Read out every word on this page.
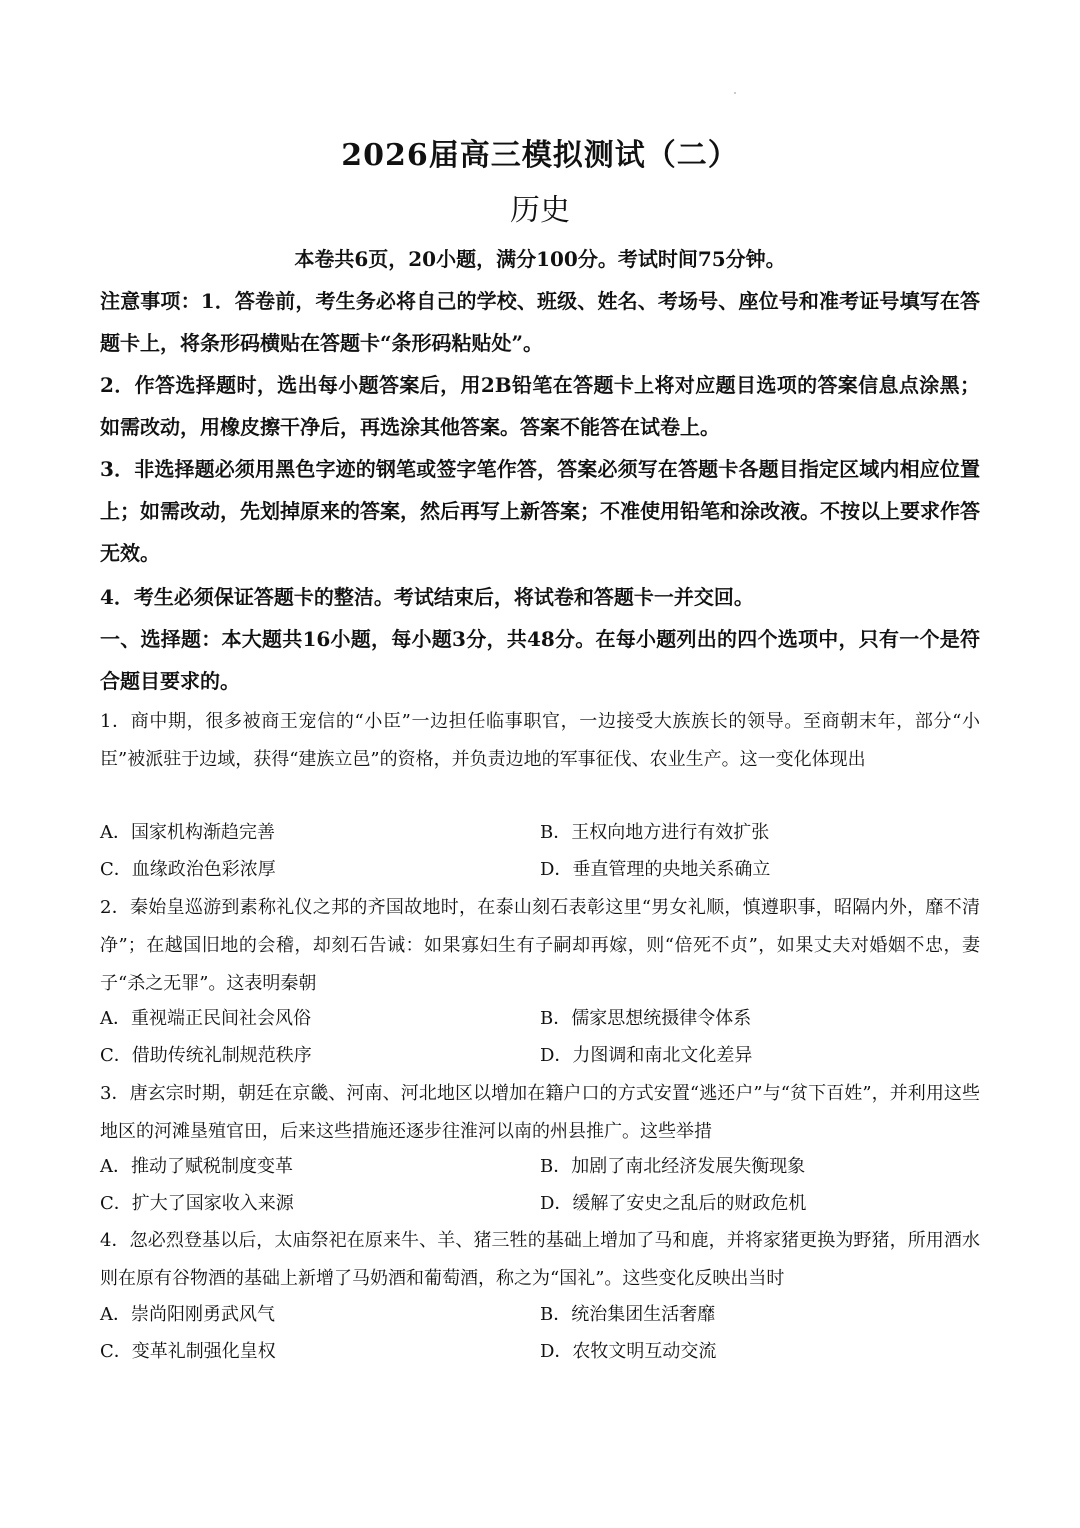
2026届高三模拟测试（二）
历史
本卷共6页，20小题，满分100分。考试时间75分钟。
注意事项：1．答卷前，考生务必将自己的学校、班级、姓名、考场号、座位号和准考证号填写在答题卡上，将条形码横贴在答题卡“条形码粘贴处”。
2．作答选择题时，选出每小题答案后，用2B铅笔在答题卡上将对应题目选项的答案信息点涂黑；如需改动，用橡皮擦干净后，再选涂其他答案。答案不能答在试卷上。
3．非选择题必须用黑色字迹的钢笔或签字笔作答，答案必须写在答题卡各题目指定区域内相应位置上；如需改动，先划掉原来的答案，然后再写上新答案；不准使用铅笔和涂改液。不按以上要求作答无效。
4．考生必须保证答题卡的整洁。考试结束后，将试卷和答题卡一并交回。
一、选择题：本大题共16小题，每小题3分，共48分。在每小题列出的四个选项中，只有一个是符合题目要求的。
1．商中期，很多被商王宠信的“小臣”一边担任临事职官，一边接受大族族长的领导。至商朝末年，部分“小臣”被派驻于边域，获得“建族立邑”的资格，并负责边地的军事征伐、农业生产。这一变化体现出
A．国家机构渐趋完善	B．王权向地方进行有效扩张
C．血缘政治色彩浓厚	D．垂直管理的央地关系确立
2．秦始皇巡游到素称礼仪之邦的齐国故地时，在泰山刻石表彰这里“男女礼顺，慎遵职事，昭隔内外，靡不清净”；在越国旧地的会稽，却刻石告诫：如果寡妇生有子嗣却再嫁，则“倍死不贞”，如果丈夫对婚姻不忠，妻子“杀之无罪”。这表明秦朝
A．重视端正民间社会风俗	B．儒家思想统摄律令体系
C．借助传统礼制规范秩序	D．力图调和南北文化差异
3．唐玄宗时期，朝廷在京畿、河南、河北地区以增加在籍户口的方式安置“逃还户”与“贫下百姓”，并利用这些地区的河滩垦殖官田，后来这些措施还逐步往淮河以南的州县推广。这些举措
A．推动了赋税制度变革	B．加剧了南北经济发展失衡现象
C．扩大了国家收入来源	D．缓解了安史之乱后的财政危机
4．忽必烈登基以后，太庙祭祀在原来牛、羊、猪三牲的基础上增加了马和鹿，并将家猪更换为野猪，所用酒水则在原有谷物酒的基础上新增了马奶酒和葡萄酒，称之为“国礼”。这些变化反映出当时
A．崇尚阳刚勇武风气	B．统治集团生活奢靡
C．变革礼制强化皇权	D．农牧文明互动交流
